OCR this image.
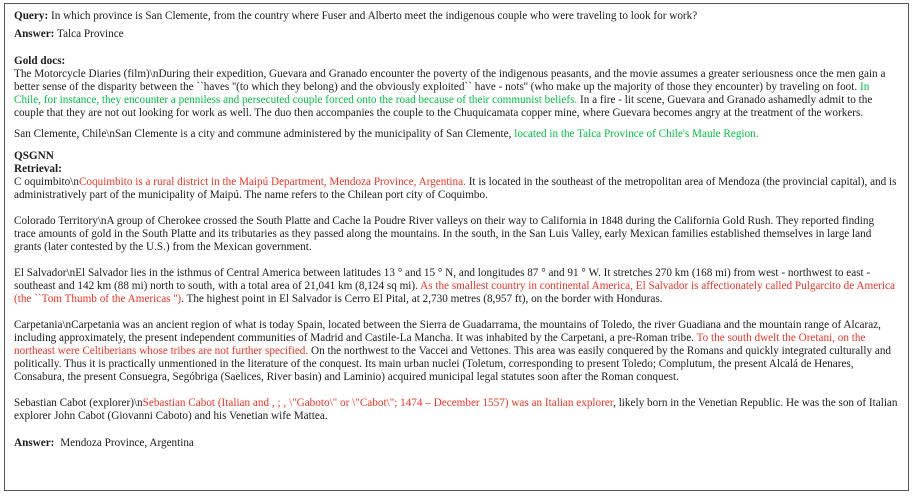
Query: In which province is San Clemente, from the country where Fuser and Alberto meet the indigenous couple who were traveling to look for work?

Answer: Talca Province

Gold docs:

The Motorcycle Diaries (film)\nDuring their expedition, Guevara and Granado encounter the poverty of the indigenous peasants, and the movie assumes a greater seriousness once the men gain a better sense of the disparity between the ``haves ''(to which they belong) and the obviously exploited`` have - nots'' (who make up the majority of those they encounter) by traveling on foot. In Chile, for instance, they encounter a penniless and persecuted couple forced onto the road because of their communist beliefs. In a fire - lit scene, Guevara and Granado ashamedly admit to the couple that they are not out looking for work as well. The duo then accompanies the couple to the Chuquicamata copper mine, where Guevara becomes angry at the treatment of the workers.

San Clemente, Chile\nSan Clemente is a city and commune administered by the municipality of San Clemente, located in the Talca Province of Chile's Maule Region.

QSGNN

Retrieval:

C oquimbito\nCoquimbito is a rural district in the Maipú Department, Mendoza Province, Argentina. It is located in the southeast of the metropolitan area of Mendoza (the provincial capital), and is administratively part of the municipality of Maipú. The name refers to the Chilean port city of Coquimbo.

Colorado Territory\nA group of Cherokee crossed the South Platte and Cache la Poudre River valleys on their way to California in 1848 during the California Gold Rush. They reported finding trace amounts of gold in the South Platte and its tributaries as they passed along the mountains. In the south, in the San Luis Valley, early Mexican families established themselves in large land grants (later contested by the U.S.) from the Mexican government.

El Salvador\nEl Salvador lies in the isthmus of Central America between latitudes 13 ° and 15 ° N, and longitudes 87 ° and 91 ° W. It stretches 270 km (168 mi) from west - northwest to east - southeast and 142 km (88 mi) north to south, with a total area of 21,041 km (8,124 sq mi). As the smallest country in continental America, El Salvador is affectionately called Pulgarcito de America (the ``Tom Thumb of the Americas ''). The highest point in El Salvador is Cerro El Pital, at 2,730 metres (8,957 ft), on the border with Honduras.

Carpetania\nCarpetania was an ancient region of what is today Spain, located between the Sierra de Guadarrama, the mountains of Toledo, the river Guadiana and the mountain range of Alcaraz, including approximately, the present independent communities of Madrid and Castile-La Mancha. It was inhabited by the Carpetani, a pre-Roman tribe. To the south dwelt the Oretani, on the northeast were Celtiberians whose tribes are not further specified. On the northwest to the Vaccei and Vettones. This area was easily conquered by the Romans and quickly integrated culturally and politically. Thus it is practically unmentioned in the literature of the conquest. Its main urban nuclei (Toletum, corresponding to present Toledo; Complutum, the present Alcalá de Henares, Consabura, the present Consuegra, Segóbriga (Saelices, River basin) and Laminio) acquired municipal legal statutes soon after the Roman conquest.

Sebastian Cabot (explorer)\nSebastian Cabot (Italian and , ; , \"Gaboto\" or \"Cabot\"; 1474 – December 1557) was an Italian explorer, likely born in the Venetian Republic. He was the son of Italian explorer John Cabot (Giovanni Caboto) and his Venetian wife Mattea.

Answer: Mendoza Province, Argentina
